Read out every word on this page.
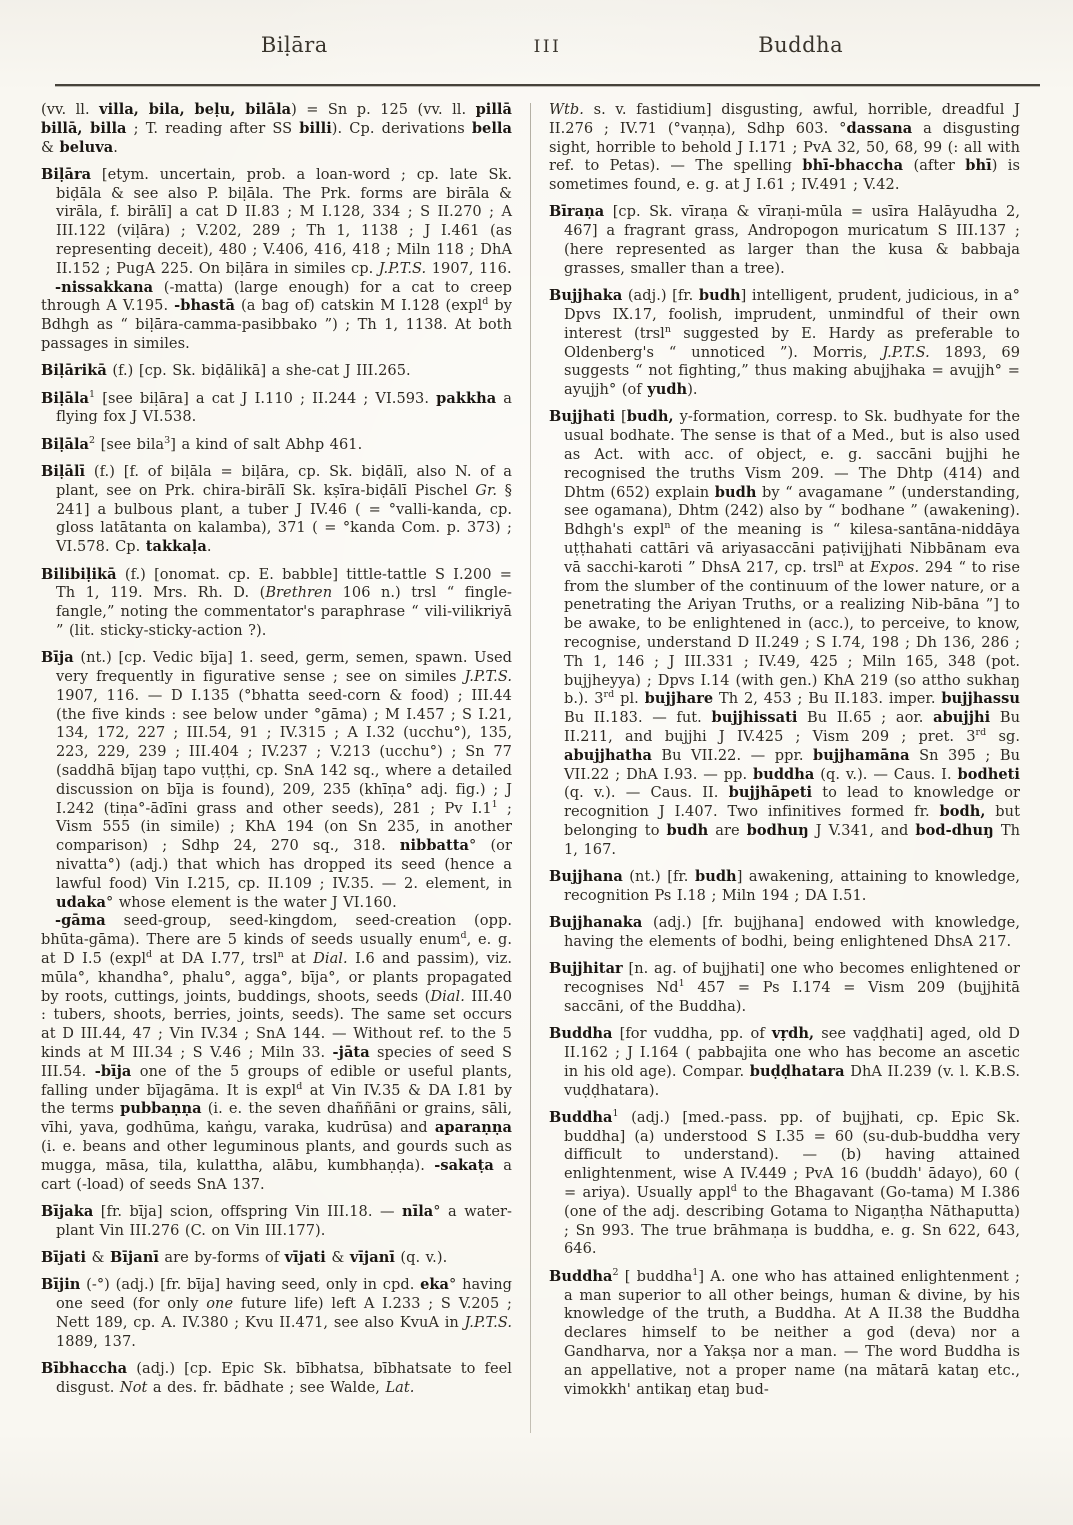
Biḷāra	III	Buddha

(vv. ll. villa, bila, beḷu, bilāla) = Sn p. 125 (vv. ll. pillā billā, billa ; T. reading after SS billi). Cp. derivations bella & beluva.

Biḷāra [etym. uncertain, prob. a loan-word ; cp. late Sk. biḍāla & see also P. biḷāla. The Prk. forms are birāla & virāla, f. birālī] a cat D II.83 ; M I.128, 334 ; S II.270 ; A III.122 (viḷāra) ; V.202, 289 ; Th 1, 1138 ; J I.461 (as representing deceit), 480 ; V.406, 416, 418 ; Miln 118 ; DhA II.152 ; PugA 225. On biḷāra in similes cp. J.P.T.S. 1907, 116.

-nissakkana (-matta) (large enough) for a cat to creep through A V.195. -bhastā (a bag of) catskin M I.128 (expl$^d$ by Bdhgh as “ biḷāra-camma-pasibbako ”) ; Th 1, 1138. At both passages in similes.

Biḷārikā (f.) [cp. Sk. biḍālikā] a she-cat J III.265.

Biḷāla$^1$ [see biḷāra] a cat J I.110 ; II.244 ; VI.593. pakkha a flying fox J VI.538.

Biḷāla$^2$ [see bila$^3$] a kind of salt Abhp 461.

Biḷālī (f.) [f. of biḷāla = biḷāra, cp. Sk. biḍālī, also N. of a plant, see on Prk. chira-birālī Sk. kṣīra-biḍālī Pischel Gr. § 241] a bulbous plant, a tuber J IV.46 ( = °valli-kanda, cp. gloss latātanta on kalamba), 371 ( = °kanda Com. p. 373) ; VI.578. Cp. takkaḷa.

Bilibiḷikā (f.) [onomat. cp. E. babble] tittle-tattle S I.200 = Th 1, 119. Mrs. Rh. D. (Brethren 106 n.) trsl “ fingle-fangle,” noting the commentator's paraphrase “ vili-vilikriyā ” (lit. sticky-sticky-action ?).

Bīja (nt.) [cp. Vedic bīja] 1. seed, germ, semen, spawn. Used very frequently in figurative sense ; see on similes J.P.T.S. 1907, 116. — D I.135 (°bhatta seed-corn & food) ; III.44 (the five kinds : see below under °gāma) ; M I.457 ; S I.21, 134, 172, 227 ; III.54, 91 ; IV.315 ; A I.32 (ucchu°), 135, 223, 229, 239 ; III.404 ; IV.237 ; V.213 (ucchu°) ; Sn 77 (saddhā bījaŋ tapo vuṭṭhi, cp. SnA 142 sq., where a detailed discussion on bīja is found), 209, 235 (khīṇa° adj. fig.) ; J I.242 (tiṇa°-ādīni grass and other seeds), 281 ; Pv $I.1^1$ ; Vism 555 (in simile) ; KhA 194 (on Sn 235, in another comparison) ; Sdhp 24, 270 sq., 318. nibbatta° (or nivatta°) (adj.) that which has dropped its seed (hence a lawful food) Vin I.215, cp. II.109 ; IV.35. — 2. element, in udaka° whose element is the water J VI.160.

-gāma seed-group, seed-kingdom, seed-creation (opp. bhūta-gāma). There are 5 kinds of seeds usually enum$^d$, e. g. at D I.5 (expl$^d$ at DA I.77, trsl$^n$ at Dial. I.6 and passim), viz. mūla°, khandha°, phalu°, agga°, bīja°, or plants propagated by roots, cuttings, joints, buddings, shoots, seeds (Dial. III.40 : tubers, shoots, berries, joints, seeds). The same set occurs at D III.44, 47 ; Vin IV.34 ; SnA 144. — Without ref. to the 5 kinds at M III.34 ; S V.46 ; Miln 33. -jāta species of seed S III.54. -bīja one of the 5 groups of edible or useful plants, falling under bījagāma. It is expl$^d$ at Vin IV.35 & DA I.81 by the terms pubbaṇṇa (i. e. the seven dhaññāni or grains, sāli, vīhi, yava, godhūma, kaṅgu, varaka, kudrūsa) and aparaṇṇa (i. e. beans and other leguminous plants, and gourds such as mugga, māsa, tila, kulattha, alābu, kumbhaṇḍa). -sakaṭa a cart (-load) of seeds SnA 137.

Bījaka [fr. bīja] scion, offspring Vin III.18. — nīla° a water-plant Vin III.276 (C. on Vin III.177).

Bījati & Bījanī are by-forms of vījati & vījanī (q. v.).

Bījin (-°) (adj.) [fr. bīja] having seed, only in cpd. eka° having one seed (for only one future life) left A I.233 ; S V.205 ; Nett 189, cp. A. IV.380 ; Kvu II.471, see also KvuA in J.P.T.S. 1889, 137.

Bībhaccha (adj.) [cp. Epic Sk. bībhatsa, bībhatsate to feel disgust. Not a des. fr. bādhate ; see Walde, Lat.

Wtb. s. v. fastidium] disgusting, awful, horrible, dreadful J II.276 ; IV.71 (°vaṇṇa), Sdhp 603. °dassana a disgusting sight, horrible to behold J I.171 ; PvA 32, 50, 68, 99 (: all with ref. to Petas). — The spelling bhī-bhaccha (after bhī) is sometimes found, e. g. at J I.61 ; IV.491 ; V.42.

Bīraṇa [cp. Sk. vīraṇa & vīraṇi-mūla = usīra Halāyudha 2, 467] a fragrant grass, Andropogon muricatum S III.137 ; (here represented as larger than the kusa & babbaja grasses, smaller than a tree).

Bujjhaka (adj.) [fr. budh] intelligent, prudent, judicious, in a° Dpvs IX.17, foolish, imprudent, unmindful of their own interest (trsl$^n$ suggested by E. Hardy as preferable to Oldenberg's “ unnoticed ”). Morris, J.P.T.S. 1893, 69 suggests “ not fighting,” thus making abujjhaka = avujjh° = ayujjh° (of yudh).

Bujjhati [budh, y-formation, corresp. to Sk. budhyate for the usual bodhate. The sense is that of a Med., but is also used as Act. with acc. of object, e. g. saccāni bujjhi he recognised the truths Vism 209. — The Dhtp (414) and Dhtm (652) explain budh by “ avagamane ” (understanding, see ogamana), Dhtm (242) also by “ bodhane ” (awakening). Bdhgh's expl$^n$ of the meaning is “ kilesa-santāna-niddāya uṭṭhahati cattāri vā ariyasaccāni paṭivijjhati Nibbānam eva vā sacchi-karoti ” DhsA 217, cp. trsl$^n$ at Expos. 294 “ to rise from the slumber of the continuum of the lower nature, or a penetrating the Ariyan Truths, or a realizing Nib-bāna ”] to be awake, to be enlightened in (acc.), to perceive, to know, recognise, understand D II.249 ; S I.74, 198 ; Dh 136, 286 ; Th 1, 146 ; J III.331 ; IV.49, 425 ; Miln 165, 348 (pot. bujjheyya) ; Dpvs I.14 (with gen.) KhA 219 (so attho sukhaŋ b.). 3rd pl. bujjhare Th 2, 453 ; Bu II.183. imper. bujjhassu Bu II.183. — fut. bujjhissati Bu II.65 ; aor. abujjhi Bu II.211, and bujjhi J IV.425 ; Vism 209 ; pret. 3rd sg. abujjhatha Bu VII.22. — ppr. bujjhamāna Sn 395 ; Bu VII.22 ; DhA I.93. — pp. buddha (q. v.). — Caus. I. bodheti (q. v.). — Caus. II. bujjhāpeti to lead to knowledge or recognition J I.407. Two infinitives formed fr. bodh, but belonging to budh are bodhuŋ J V.341, and bod-dhuŋ Th 1, 167.

Bujjhana (nt.) [fr. budh] awakening, attaining to knowledge, recognition Ps I.18 ; Miln 194 ; DA I.51.

Bujjhanaka (adj.) [fr. bujjhana] endowed with knowledge, having the elements of bodhi, being enlightened DhsA 217.

Bujjhitar [n. ag. of bujjhati] one who becomes enlightened or recognises Nd$^1$ 457 = Ps I.174 = Vism 209 (bujjhitā saccāni, of the Buddha).

Buddha [for vuddha, pp. of vṛdh, see vaḍḍhati] aged, old D II.162 ; J I.164 ( pabbajita one who has become an ascetic in his old age). Compar. buḍḍhatara DhA II.239 (v. l. K.B.S. vuḍḍhatara).

Buddha$^1$ (adj.) [med.-pass. pp. of bujjhati, cp. Epic Sk. buddha] (a) understood S I.35 = 60 (su-dub-buddha very difficult to understand). — (b) having attained enlightenment, wise A IV.449 ; PvA 16 (buddh' ādayo), 60 ( = ariya). Usually appl$^d$ to the Bhagavant (Go-tama) M I.386 (one of the adj. describing Gotama to Nigaṇṭha Nāthaputta) ; Sn 993. The true brāhmaṇa is buddha, e. g. Sn 622, 643, 646.

Buddha$^2$ [ buddha$^1$] A. one who has attained enlightenment ; a man superior to all other beings, human & divine, by his knowledge of the truth, a Buddha. At A II.38 the Buddha declares himself to be neither a god (deva) nor a Gandharva, nor a Yakṣa nor a man. — The word Buddha is an appellative, not a proper name (na mātarā kataŋ etc., vimokkh' antikaŋ etaŋ bud-
